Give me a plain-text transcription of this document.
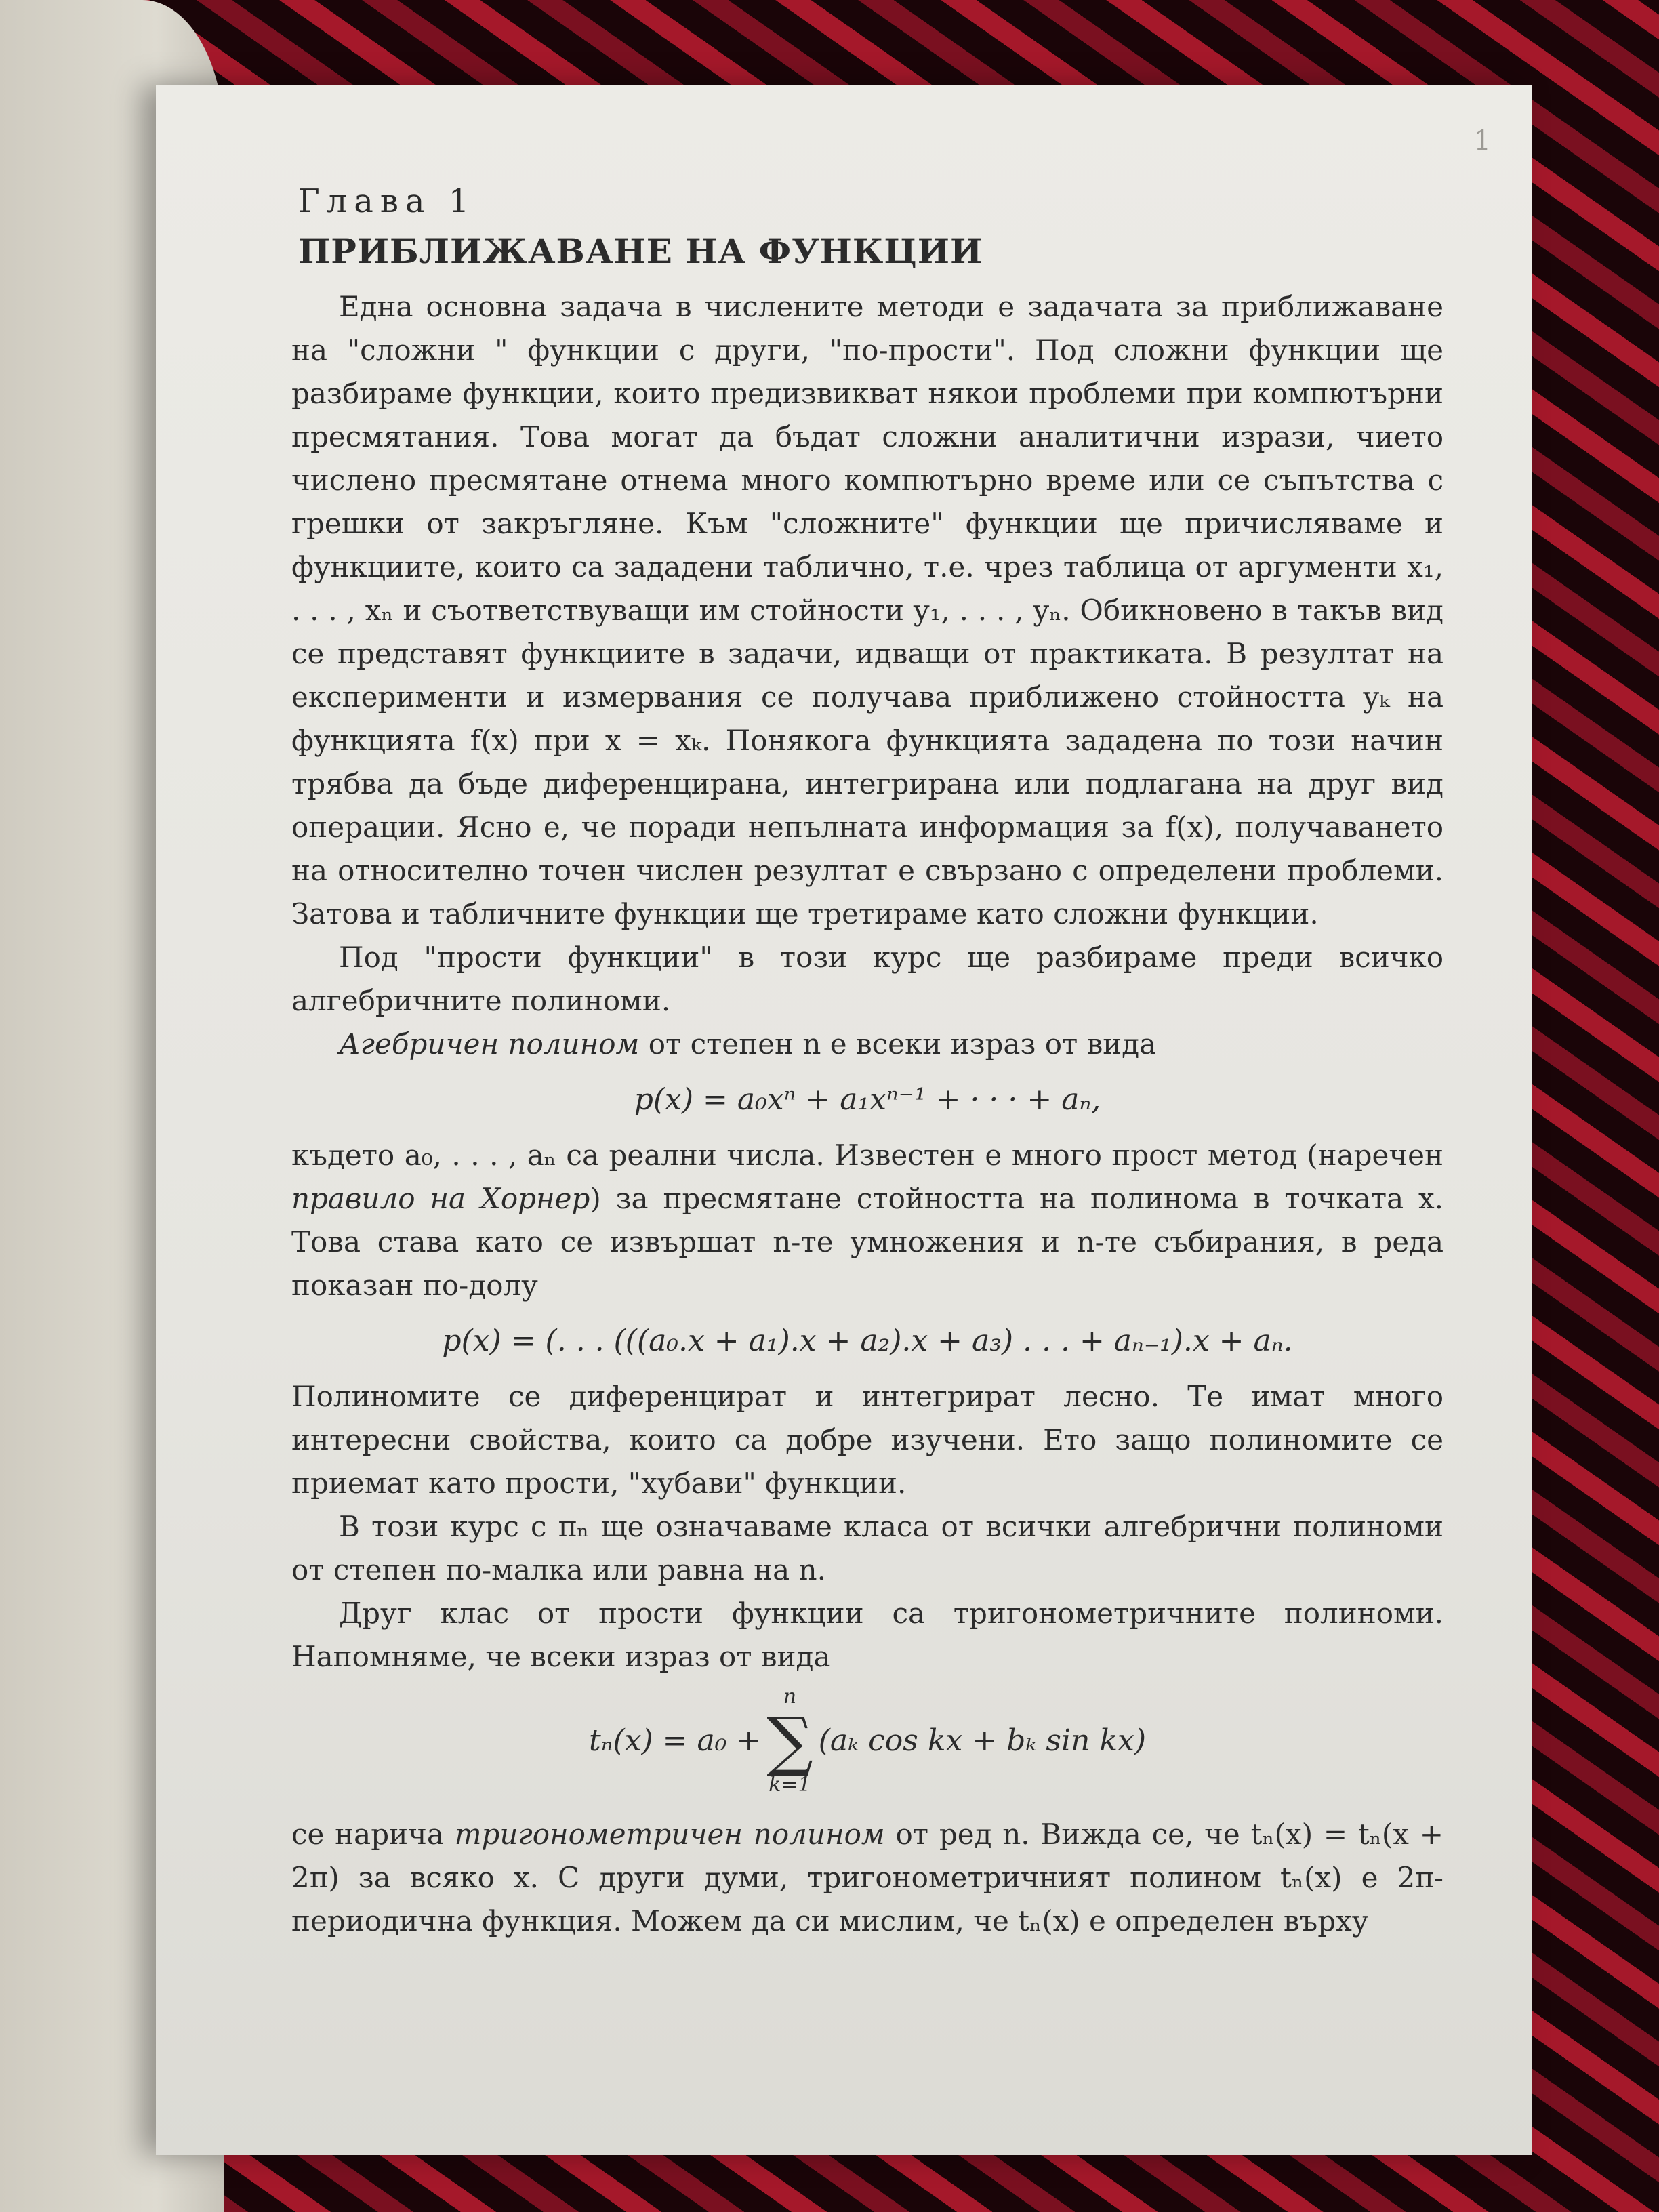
1
Глава 1
ПРИБЛИЖАВАНЕ НА ФУНКЦИИ

Една основна задача в числените методи е задачата за приближаване на "сложни " функции с други, "по-прости". Под сложни функции ще разбираме функции, които предизвикват някои проблеми при компютърни пресмятания. Това могат да бъдат сложни аналитични изрази, чието числено пресмятане отнема много компютърно време или се съпътства с грешки от закръгляне. Към "сложните" функции ще причисляваме и функциите, които са зададени таблично, т.е. чрез таблица от аргументи x₁, . . . , xₙ и съответствуващи им стойности y₁, . . . , yₙ. Обикновено в такъв вид се представят функциите в задачи, идващи от практиката. В резултат на експерименти и измервания се получава приближено стойността yₖ на функцията f(x) при x = xₖ. Понякога функцията зададена по този начин трябва да бъде диференцирана, интегрирана или подлагана на друг вид операции. Ясно е, че поради непълната информация за f(x), получаването на относително точен числен резултат е свързано с определени проблеми. Затова и табличните функции ще третираме като сложни функции.

Под "прости функции" в този курс ще разбираме преди всичко алгебричните полиноми.

Агебричен полином от степен n е всеки израз от вида

p(x) = a₀xⁿ + a₁xⁿ⁻¹ + · · · + aₙ,

където a₀, . . . , aₙ са реални числа. Известен е много прост метод (наречен правило на Хорнер) за пресмятане стойността на полинома в точката x. Това става като се извършат n-те умножения и n-те събирания, в реда показан по-долу

p(x) = (. . . (((a₀.x + a₁).x + a₂).x + a₃) . . . + aₙ₋₁).x + aₙ.

Полиномите се диференцират и интегрират лесно. Те имат много интересни свойства, които са добре изучени. Ето защо полиномите се приемат като прости, "хубави" функции.

В този курс с πₙ ще означаваме класа от всички алгебрични полиноми от степен по-малка или равна на n.

Друг клас от прости функции са тригонометричните полиноми. Напомняме, че всеки израз от вида

tₙ(x) = a₀ +
n
∑
k=1
(aₖ cos kx + bₖ sin kx)

се нарича тригонометричен полином от ред n. Вижда се, че tₙ(x) = tₙ(x + 2π) за всяко x. С други думи, тригонометричният полином tₙ(x) е 2π-периодична функция. Можем да си мислим, че tₙ(x) е определен върху
